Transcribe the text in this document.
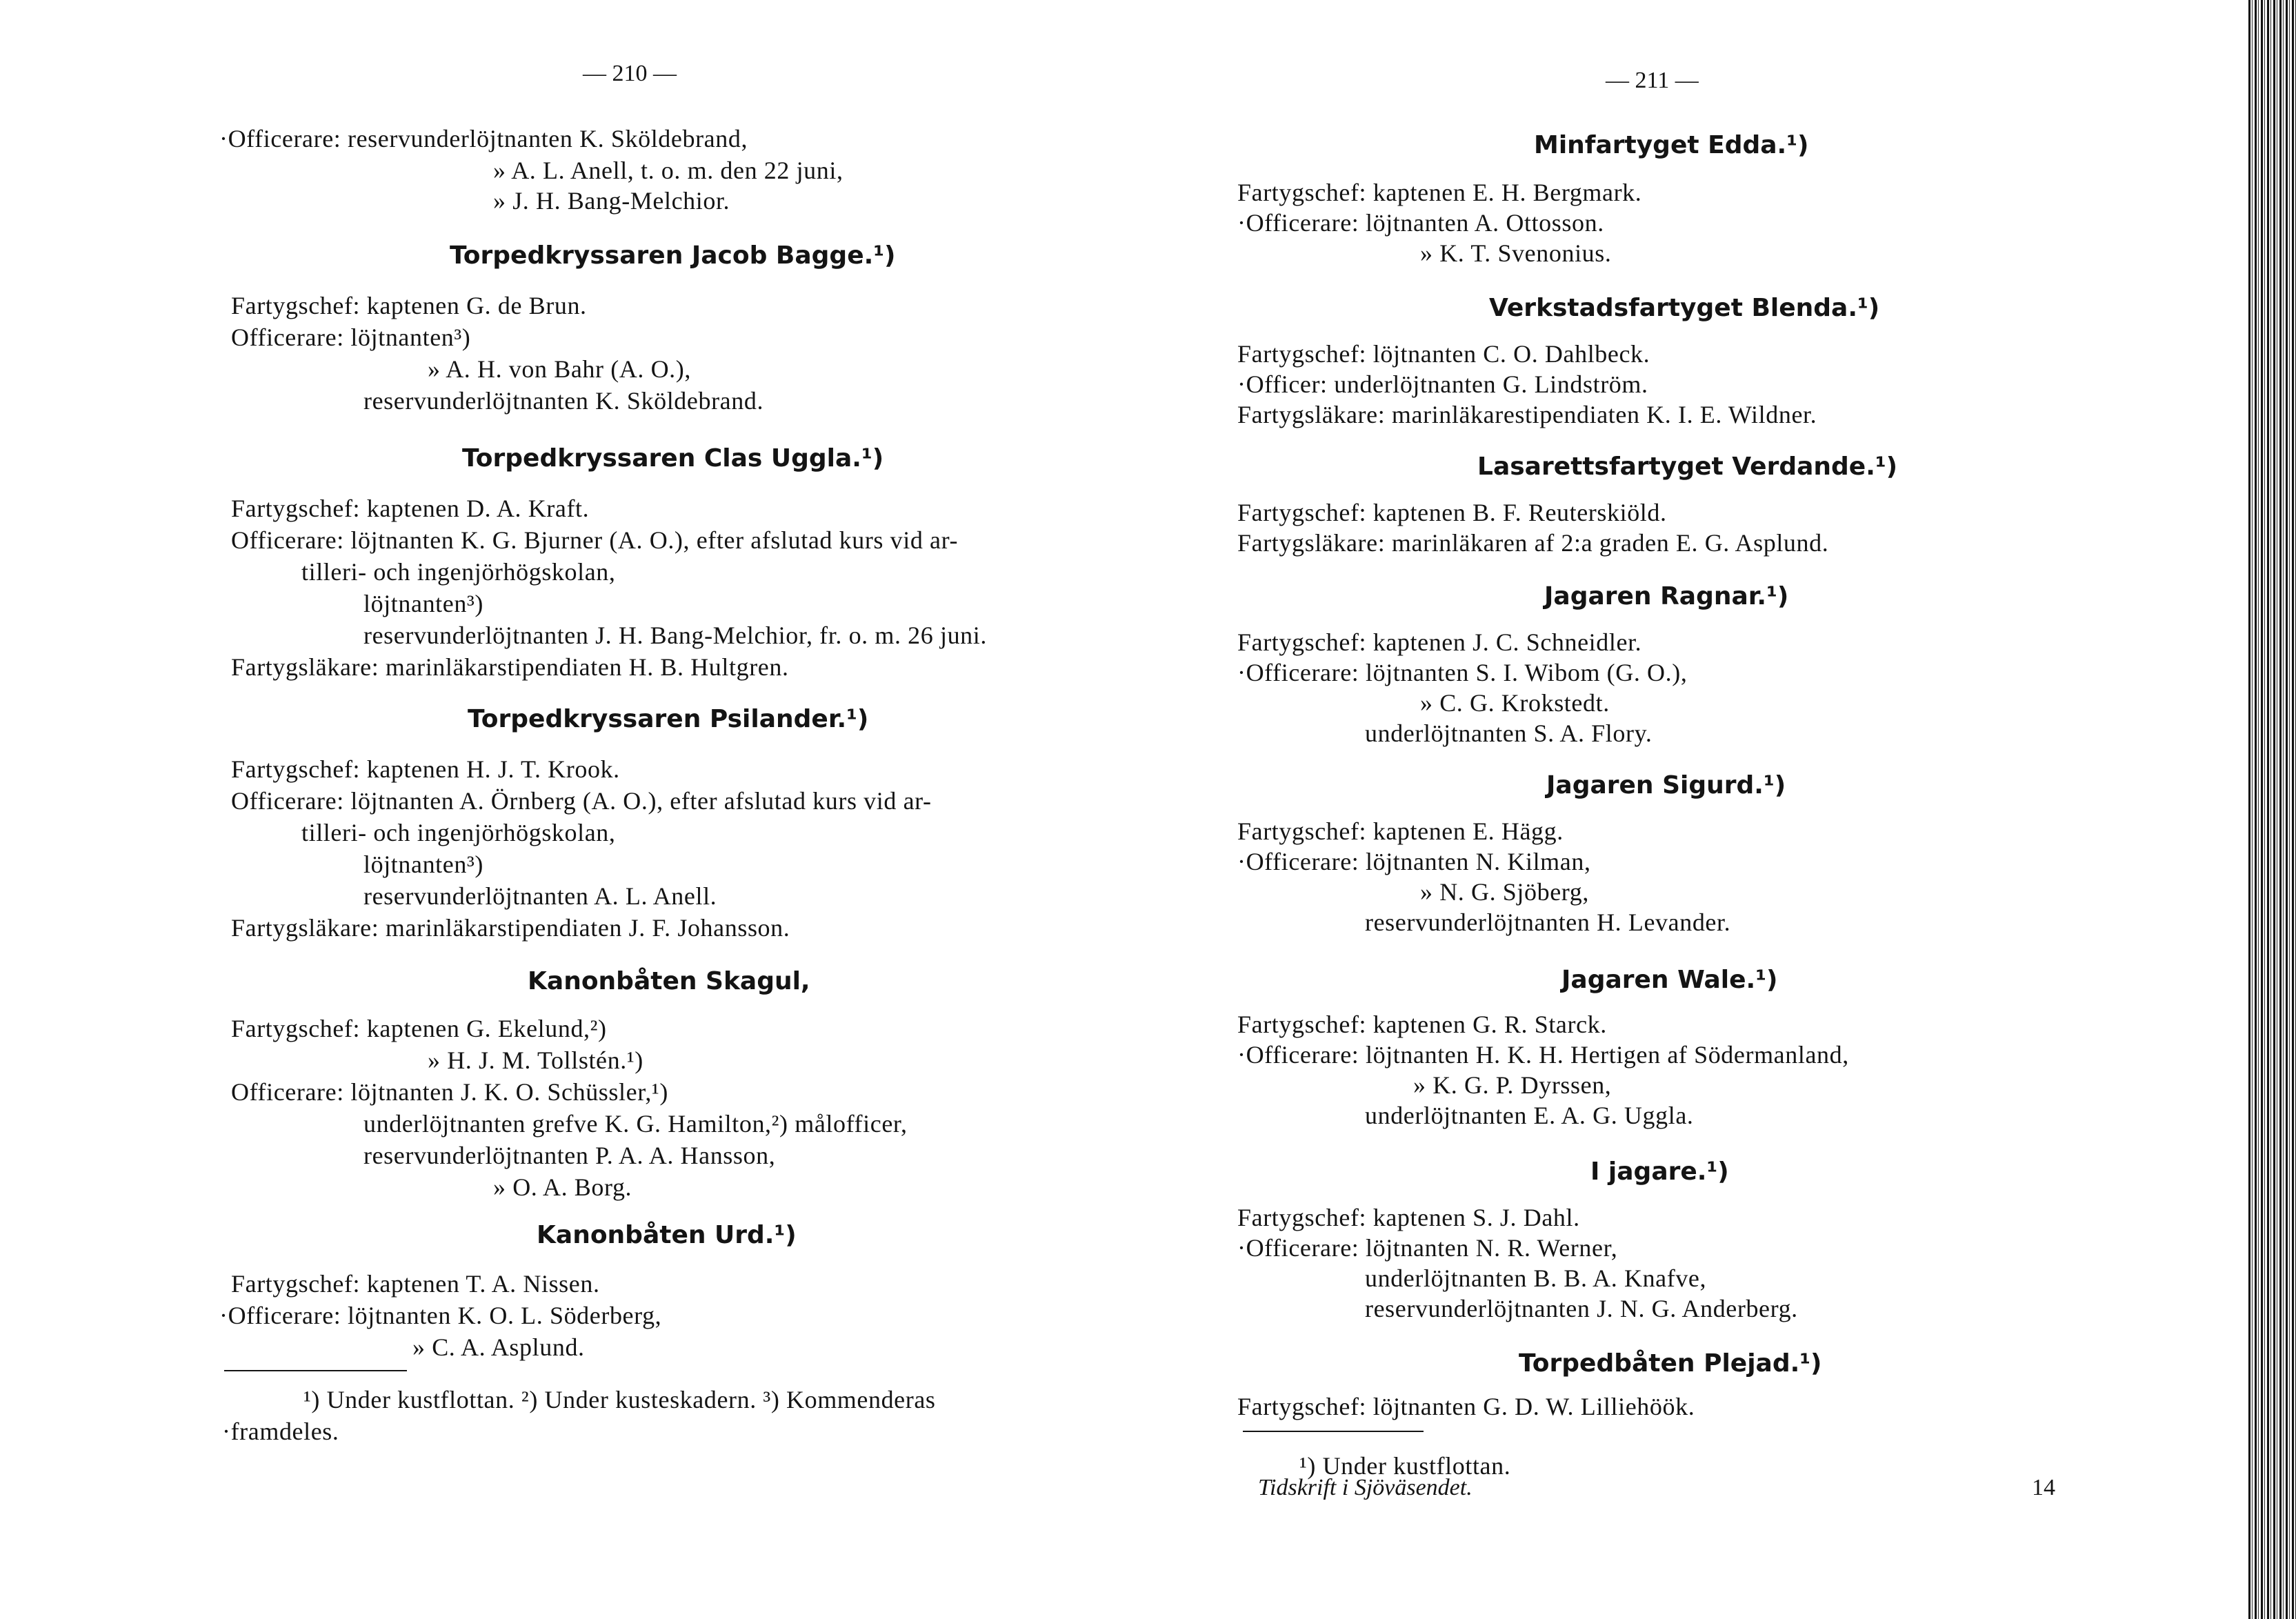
— 210 —
·Officerare: reservunderlöjtnanten K. Sköldebrand,
» A. L. Anell, t. o. m. den 22 juni,
» J. H. Bang-Melchior.
Torpedkryssaren Jacob Bagge.¹)
Fartygschef: kaptenen G. de Brun.
Officerare: löjtnanten³)
» A. H. von Bahr (A. O.),
reservunderlöjtnanten K. Sköldebrand.
Torpedkryssaren Clas Uggla.¹)
Fartygschef: kaptenen D. A. Kraft.
Officerare: löjtnanten K. G. Bjurner (A. O.), efter afslutad kurs vid ar-
tilleri- och ingenjörhögskolan,
löjtnanten³)
reservunderlöjtnanten J. H. Bang-Melchior, fr. o. m. 26 juni.
Fartygsläkare: marinläkarstipendiaten H. B. Hultgren.
Torpedkryssaren Psilander.¹)
Fartygschef: kaptenen H. J. T. Krook.
Officerare: löjtnanten A. Örnberg (A. O.), efter afslutad kurs vid ar-
tilleri- och ingenjörhögskolan,
löjtnanten³)
reservunderlöjtnanten A. L. Anell.
Fartygsläkare: marinläkarstipendiaten J. F. Johansson.
Kanonbåten Skagul,
Fartygschef: kaptenen G. Ekelund,²)
» H. J. M. Tollstén.¹)
Officerare: löjtnanten J. K. O. Schüssler,¹)
underlöjtnanten grefve K. G. Hamilton,²) målofficer,
reservunderlöjtnanten P. A. A. Hansson,
» O. A. Borg.
Kanonbåten Urd.¹)
Fartygschef: kaptenen T. A. Nissen.
·Officerare: löjtnanten K. O. L. Söderberg,
» C. A. Asplund.
¹) Under kustflottan. ²) Under kusteskadern. ³) Kommenderas
·framdeles.
— 211 —
Minfartyget Edda.¹)
Fartygschef: kaptenen E. H. Bergmark.
·Officerare: löjtnanten A. Ottosson.
» K. T. Svenonius.
Verkstadsfartyget Blenda.¹)
Fartygschef: löjtnanten C. O. Dahlbeck.
·Officer: underlöjtnanten G. Lindström.
Fartygsläkare: marinläkarestipendiaten K. I. E. Wildner.
Lasarettsfartyget Verdande.¹)
Fartygschef: kaptenen B. F. Reuterskiöld.
Fartygsläkare: marinläkaren af 2:a graden E. G. Asplund.
Jagaren Ragnar.¹)
Fartygschef: kaptenen J. C. Schneidler.
·Officerare: löjtnanten S. I. Wibom (G. O.),
» C. G. Krokstedt.
underlöjtnanten S. A. Flory.
Jagaren Sigurd.¹)
Fartygschef: kaptenen E. Hägg.
·Officerare: löjtnanten N. Kilman,
» N. G. Sjöberg,
reservunderlöjtnanten H. Levander.
Jagaren Wale.¹)
Fartygschef: kaptenen G. R. Starck.
·Officerare: löjtnanten H. K. H. Hertigen af Södermanland,
» K. G. P. Dyrssen,
underlöjtnanten E. A. G. Uggla.
I jagare.¹)
Fartygschef: kaptenen S. J. Dahl.
·Officerare: löjtnanten N. R. Werner,
underlöjtnanten B. B. A. Knafve,
reservunderlöjtnanten J. N. G. Anderberg.
Torpedbåten Plejad.¹)
Fartygschef: löjtnanten G. D. W. Lilliehöök.
¹) Under kustflottan.
Tidskrift i Sjöväsendet.	14
